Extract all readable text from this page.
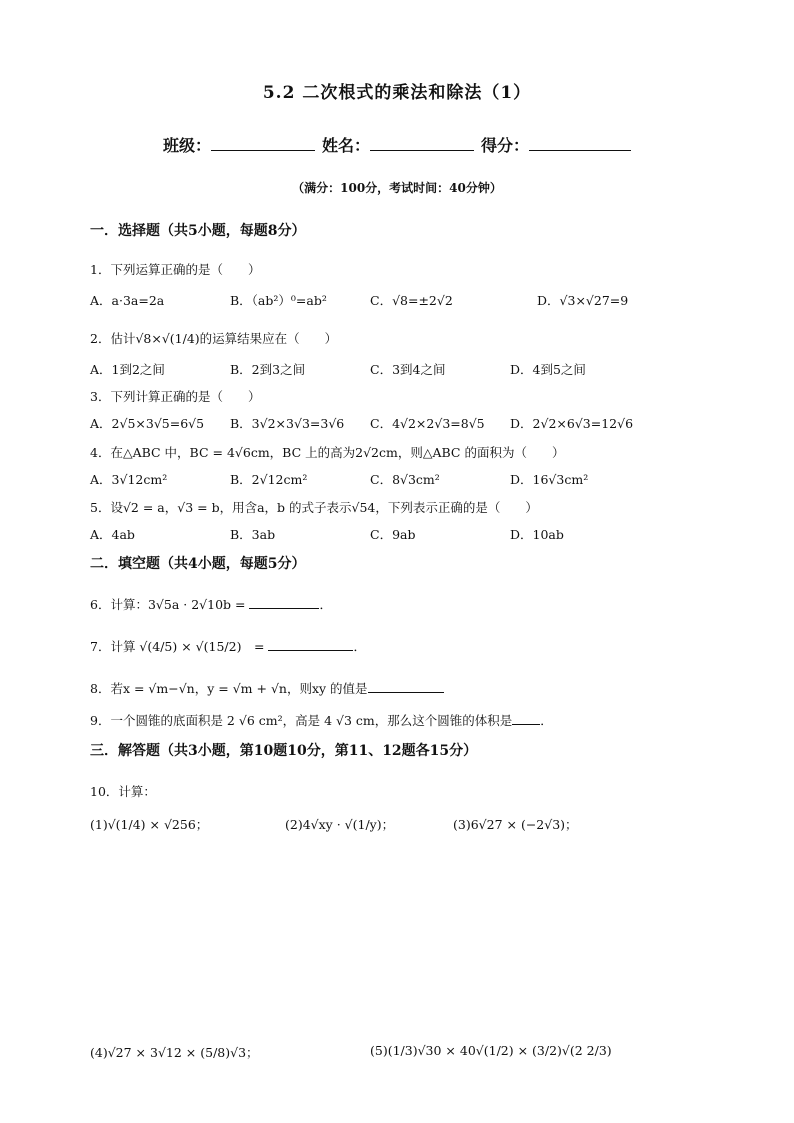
5.2 二次根式的乘法和除法（1）
班级：	姓名：	得分：
（满分：100分，考试时间：40分钟）
一．选择题（共5小题，每题8分）
1．下列运算正确的是（　　）
A．a·3a=2a	B．（ab²）⁰=ab²	C．√8=±2√2	D．√3×√27=9
2．估计√8×√(1/4)的运算结果应在（　　）
A．1到2之间	B．2到3之间	C．3到4之间	D．4到5之间
3．下列计算正确的是（　　）
A．2√5×3√5=6√5 B．3√2×3√3=3√6 C．4√2×2√3=8√5 D．2√2×6√3=12√6
4．在△ABC 中，BC = 4√6cm，BC 上的高为2√2cm，则△ABC 的面积为（　　）
A．3√12cm²	B．2√12cm²	C．8√3cm²	D．16√3cm²
5．设√2 = a，√3 = b，用含a，b 的式子表示√54，下列表示正确的是（　　）
A．4ab	B．3ab	C．9ab	D．10ab
二．填空题（共4小题，每题5分）
6．计算：3√5a · 2√10b =	．
7．计算 √(4/5) × √(15/2)　=	．
8．若x = √m−√n，y = √m + √n，则xy 的值是
9．一个圆锥的底面积是 2 √6 cm²，高是 4 √3 cm，那么这个圆锥的体积是 ．
三．解答题（共3小题，第10题10分，第11、12题各15分）
10．计算：
(1)√(1/4) × √256；	(2)4√xy · √(1/y)；	(3)6√27 × (−2√3)；
(4)√27 × 3√12 × (5/8)√3；	(5)(1/3)√30 × 40√(1/2) × (3/2)√(2 2/3)
